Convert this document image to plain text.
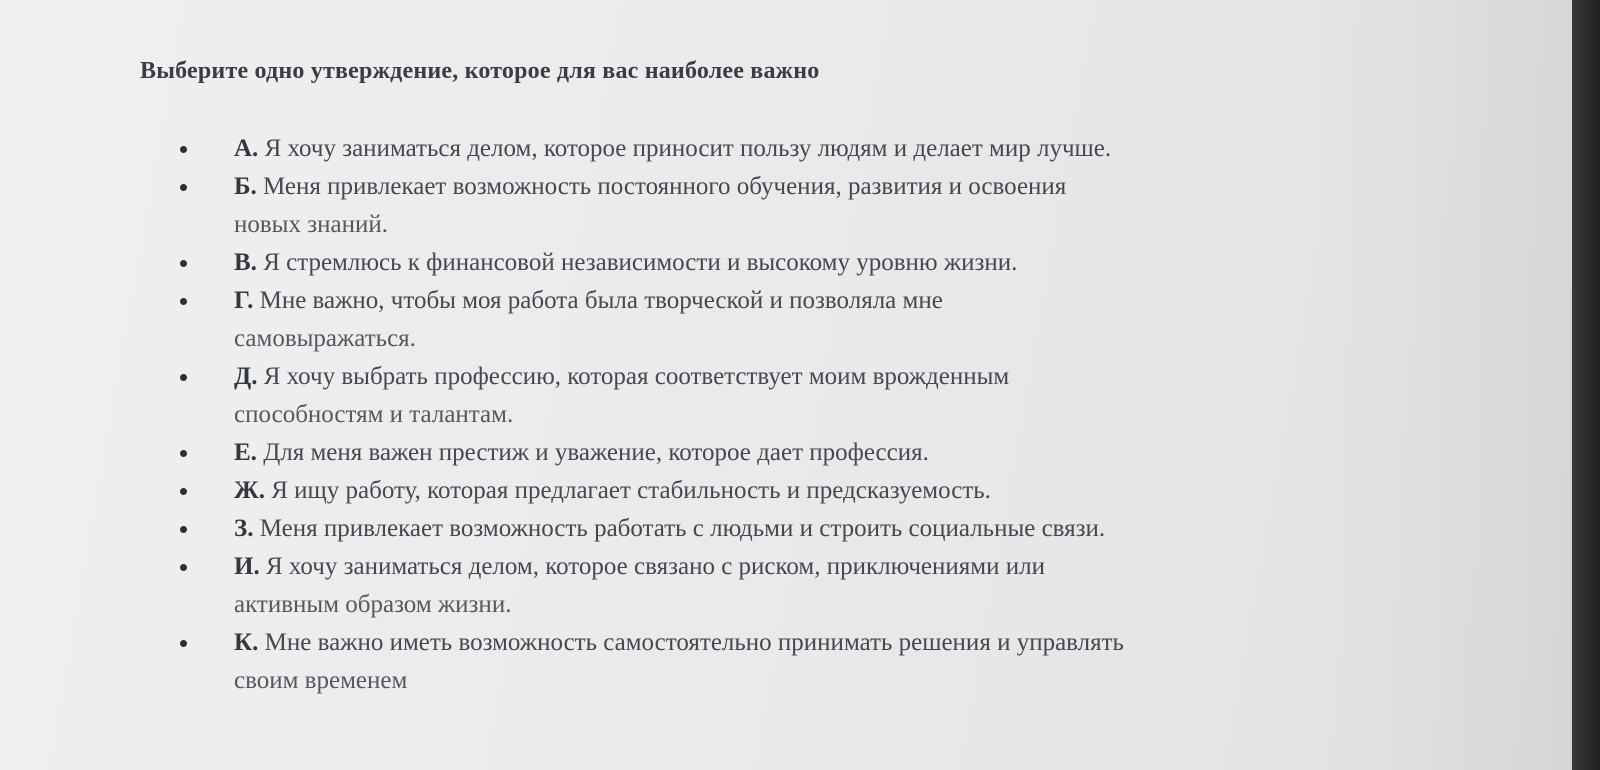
Выберите одно утверждение, которое для вас наиболее важно
А. Я хочу заниматься делом, которое приносит пользу людям и делает мир лучше.
Б. Меня привлекает возможность постоянного обучения, развития и освоения
новых знаний.
В. Я стремлюсь к финансовой независимости и высокому уровню жизни.
Г. Мне важно, чтобы моя работа была творческой и позволяла мне
самовыражаться.
Д. Я хочу выбрать профессию, которая соответствует моим врожденным
способностям и талантам.
Е. Для меня важен престиж и уважение, которое дает профессия.
Ж. Я ищу работу, которая предлагает стабильность и предсказуемость.
З. Меня привлекает возможность работать с людьми и строить социальные связи.
И. Я хочу заниматься делом, которое связано с риском, приключениями или
активным образом жизни.
К. Мне важно иметь возможность самостоятельно принимать решения и управлять
своим временем
